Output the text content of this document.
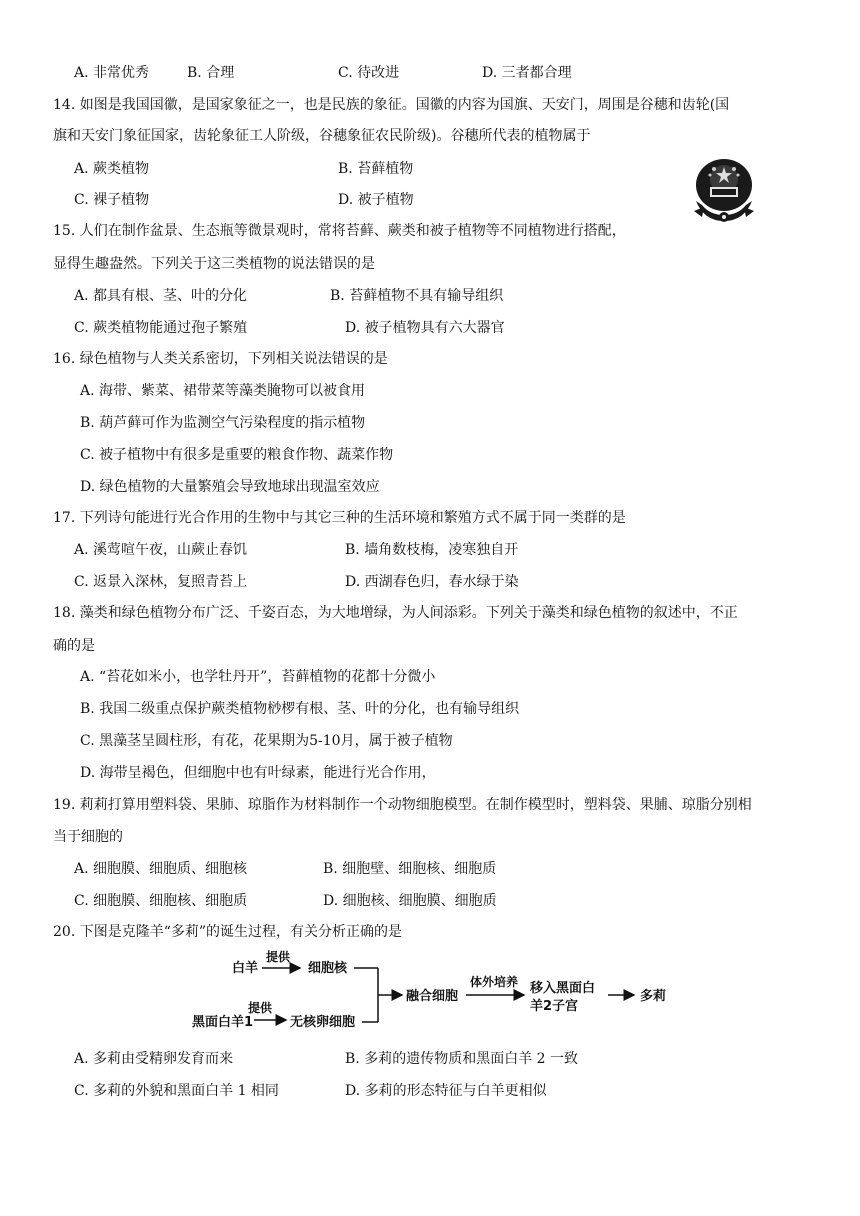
A. 非常优秀	B. 合理	C. 待改进	D. 三者都合理
14. 如图是我国国徽，是国家象征之一，也是民族的象征。国徽的内容为国旗、天安门，周围是谷穗和齿轮(国
旗和天安门象征国家，齿轮象征工人阶级，谷穗象征农民阶级)。谷穗所代表的植物属于
A. 蕨类植物	B. 苔藓植物
C. 裸子植物	D. 被子植物
15. 人们在制作盆景、生态瓶等微景观时，常将苔藓、蕨类和被子植物等不同植物进行搭配，
显得生趣盎然。下列关于这三类植物的说法错误的是
A. 都具有根、茎、叶的分化	B. 苔藓植物不具有输导组织
C. 蕨类植物能通过孢子繁殖	D. 被子植物具有六大器官
16. 绿色植物与人类关系密切，下列相关说法错误的是
A. 海带、紫菜、裙带菜等藻类腌物可以被食用
B. 葫芦藓可作为监测空气污染程度的指示植物
C. 被子植物中有很多是重要的粮食作物、蔬菜作物
D. 绿色植物的大量繁殖会导致地球出现温室效应
17. 下列诗句能进行光合作用的生物中与其它三种的生活环境和繁殖方式不属于同一类群的是
A. 溪莺喧午夜，山蕨止春饥	B. 墙角数枝梅，凌寒独自开
C. 返景入深林，复照青苔上	D. 西湖春色归，春水绿于染
18. 藻类和绿色植物分布广泛、千姿百态，为大地增绿，为人间添彩。下列关于藻类和绿色植物的叙述中，不正
确的是
A. “苔花如米小，也学牡丹开”，苔藓植物的花都十分微小
B. 我国二级重点保护蕨类植物桫椤有根、茎、叶的分化，也有输导组织
C. 黑藻茎呈圆柱形，有花，花果期为5-10月，属于被子植物
D. 海带呈褐色，但细胞中也有叶绿素，能进行光合作用，
19. 莉莉打算用塑料袋、果肺、琼脂作为材料制作一个动物细胞模型。在制作模型时，塑料袋、果脯、琼脂分别相
当于细胞的
A. 细胞膜、细胞质、细胞核	B. 细胞壁、细胞核、细胞质
C. 细胞膜、细胞核、细胞质	D. 细胞核、细胞膜、细胞质
20. 下图是克隆羊“多莉”的诞生过程，有关分析正确的是
白羊
提供
细胞核
黑面白羊1
提供
无核卵细胞
融合细胞
体外培养 移入黑面白
羊2子宫
多莉
A. 多莉由受精卵发育而来	B. 多莉的遗传物质和黑面白羊 2 一致
C. 多莉的外貌和黑面白羊 1 相同	D. 多莉的形态特征与白羊更相似
